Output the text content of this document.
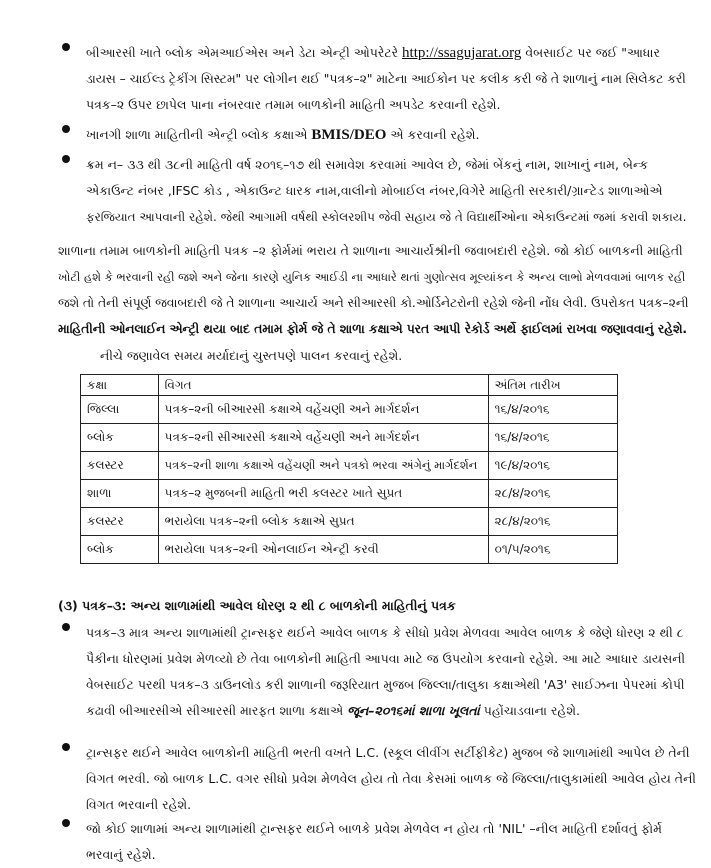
બીઆરસી ખાતે બ્લોક એમઆઈએસ અને ડેટા એન્ટ્રી ઓપરેટરે http://ssagujarat.org વેબસાઈટ પર જઈ "આધાર
ડાયસ – ચાઈલ્ડ ટ્રેકીંગ સિસ્ટમ" પર લોગીન થઈ "પત્રક–૨" માટેના આઈકોન પર કલીક કરી જે તે શાળાનું નામ સિલેકટ કરી
પત્રક–૨ ઉપર છાપેલ પાના નંબરવાર તમામ બાળકોની માહિતી અપડેટ કરવાની રહેશે.
ખાનગી શાળા માહિતીની એન્ટ્રી બ્લોક કક્ષાએ BMIS/DEO એ કરવાની રહેશે.
ક્રમ ન– ૩૩ થી ૩૮ની માહિતી વર્ષ ૨૦૧૬–૧૭ થી સમાવેશ કરવામાં આવેલ છે, જેમાં બેંકનું નામ, શાખાનું નામ, બેન્ક
એકાઉન્ટ નંબર ,IFSC કોડ , એકાઉન્ટ ધારક નામ,વાલીનો મોબાઈલ નંબર,વિગેરે માહિતી સરકારી/ગ્રાન્ટેડ શાળાઓએ
ફરજિયાત આપવાની રહેશે. જેથી આગામી વર્ષથી સ્કોલરશીપ જેવી સહાય જે તે વિદ્યાર્થીઓના એકાઉન્ટમાં જમાં કરાવી શકાય.
શાળાના તમામ બાળકોની માહિતી પત્રક –૨ ફોર્મમાં ભરાય તે શાળાના આચાર્યશ્રીની જવાબદારી રહેશે. જો કોઈ બાળકની માહિતી
ખોટી હશે કે ભરવાની રહી જશે અને જેના કારણે યુનિક આઈડી ના આધારે થતાં ગુણોત્સવ મૂલ્યાંકન કે અન્ય લાભો મેળવવામાં બાળક રહી
જશે તો તેની સંપૂર્ણ જવાબદારી જે તે શાળાના આચાર્ય અને સીઆરસી કો.ઓર્ડિનેટરોની રહેશે જેની નોંધ લેવી. ઉપરોકત પત્રક–૨ની
માહિતીની ઓનલાઈન એન્ટ્રી થયા બાદ તમામ ફોર્મ જે તે શાળા કક્ષાએ પરત આપી રેકોર્ડ અર્થે ફાઈલમાં રાખવા જણાવવાનું રહેશે.
નીચે જણાવેલ સમય મર્યાદાનું ચુસ્તપણે પાલન કરવાનું રહેશે.
કક્ષા	વિગત	અંતિમ તારીખ
જિલ્લા	પત્રક–૨ની બીઆરસી કક્ષાએ વહેંચણી અને માર્ગદર્શન	૧૬/૪/૨૦૧૬
બ્લોક	પત્રક–૨ની સીઆરસી કક્ષાએ વહેંચણી અને માર્ગદર્શન	૧૬/૪/૨૦૧૬
કલસ્ટર	પત્રક–૨ની શાળા કક્ષાએ વહેંચણી અને પત્રકો ભરવા અંગેનું માર્ગદર્શન	૧૯/૪/૨૦૧૬
શાળા	પત્રક–૨ મુજબની માહિતી ભરી કલસ્ટર ખાતે સુપ્રત	૨૮/૪/૨૦૧૬
કલસ્ટર	ભરાયેલા પત્રક–૨ની બ્લોક કક્ષાએ સુપ્રત	૨૮/૪/૨૦૧૬
બ્લોક	ભરાયેલા પત્રક–૨ની ઓનલાઈન એન્ટ્રી કરવી	૦૧/૫/૨૦૧૬
(૩) પત્રક–૩: અન્ય શાળામાંથી આવેલ ધોરણ ૨ થી ૮ બાળકોની માહિતીનું પત્રક
પત્રક–૩ માત્ર અન્ય શાળામાંથી ટ્રાન્સફર થઈને આવેલ બાળક કે સીધો પ્રવેશ મેળવવા આવેલ બાળક કે જેણે ધોરણ ૨ થી ૮
પૈકીના ધોરણમાં પ્રવેશ મેળવ્યો છે તેવા બાળકોની માહિતી આપવા માટે જ ઉપયોગ કરવાનો રહેશે. આ માટે આધાર ડાયસની
વેબસાઈટ પરથી પત્રક–૩ ડાઉનલોડ કરી શાળાની જરૂરિયાત મુજબ જિલ્લા/તાલુકા કક્ષાએથી 'A3' સાઈઝના પેપરમાં કોપી
કઢાવી બીઆરસીએ સીઆરસી મારફત શાળા કક્ષાએ જૂન–૨૦૧૬માં શાળા ખૂલતાં પહોંચાડવાના રહેશે.
ટ્રાન્સફર થઈને આવેલ બાળકોની માહિતી ભરતી વખતે L.C. (સ્કૂલ લીવીંગ સર્ટીફીકેટ) મુજબ જે શાળામાંથી આપેલ છે તેની
વિગત ભરવી. જો બાળક L.C. વગર સીધો પ્રવેશ મેળવેલ હોય તો તેવા કેસમાં બાળક જે જિલ્લા/તાલુકામાંથી આવેલ હોય તેની
વિગત ભરવાની રહેશે.
જો કોઈ શાળામાં અન્ય શાળામાંથી ટ્રાન્સફર થઈને બાળકે પ્રવેશ મેળવેલ ન હોય તો 'NIL' –નીલ માહિતી દર્શાવતું ફોર્મ
ભરવાનું રહેશે.
